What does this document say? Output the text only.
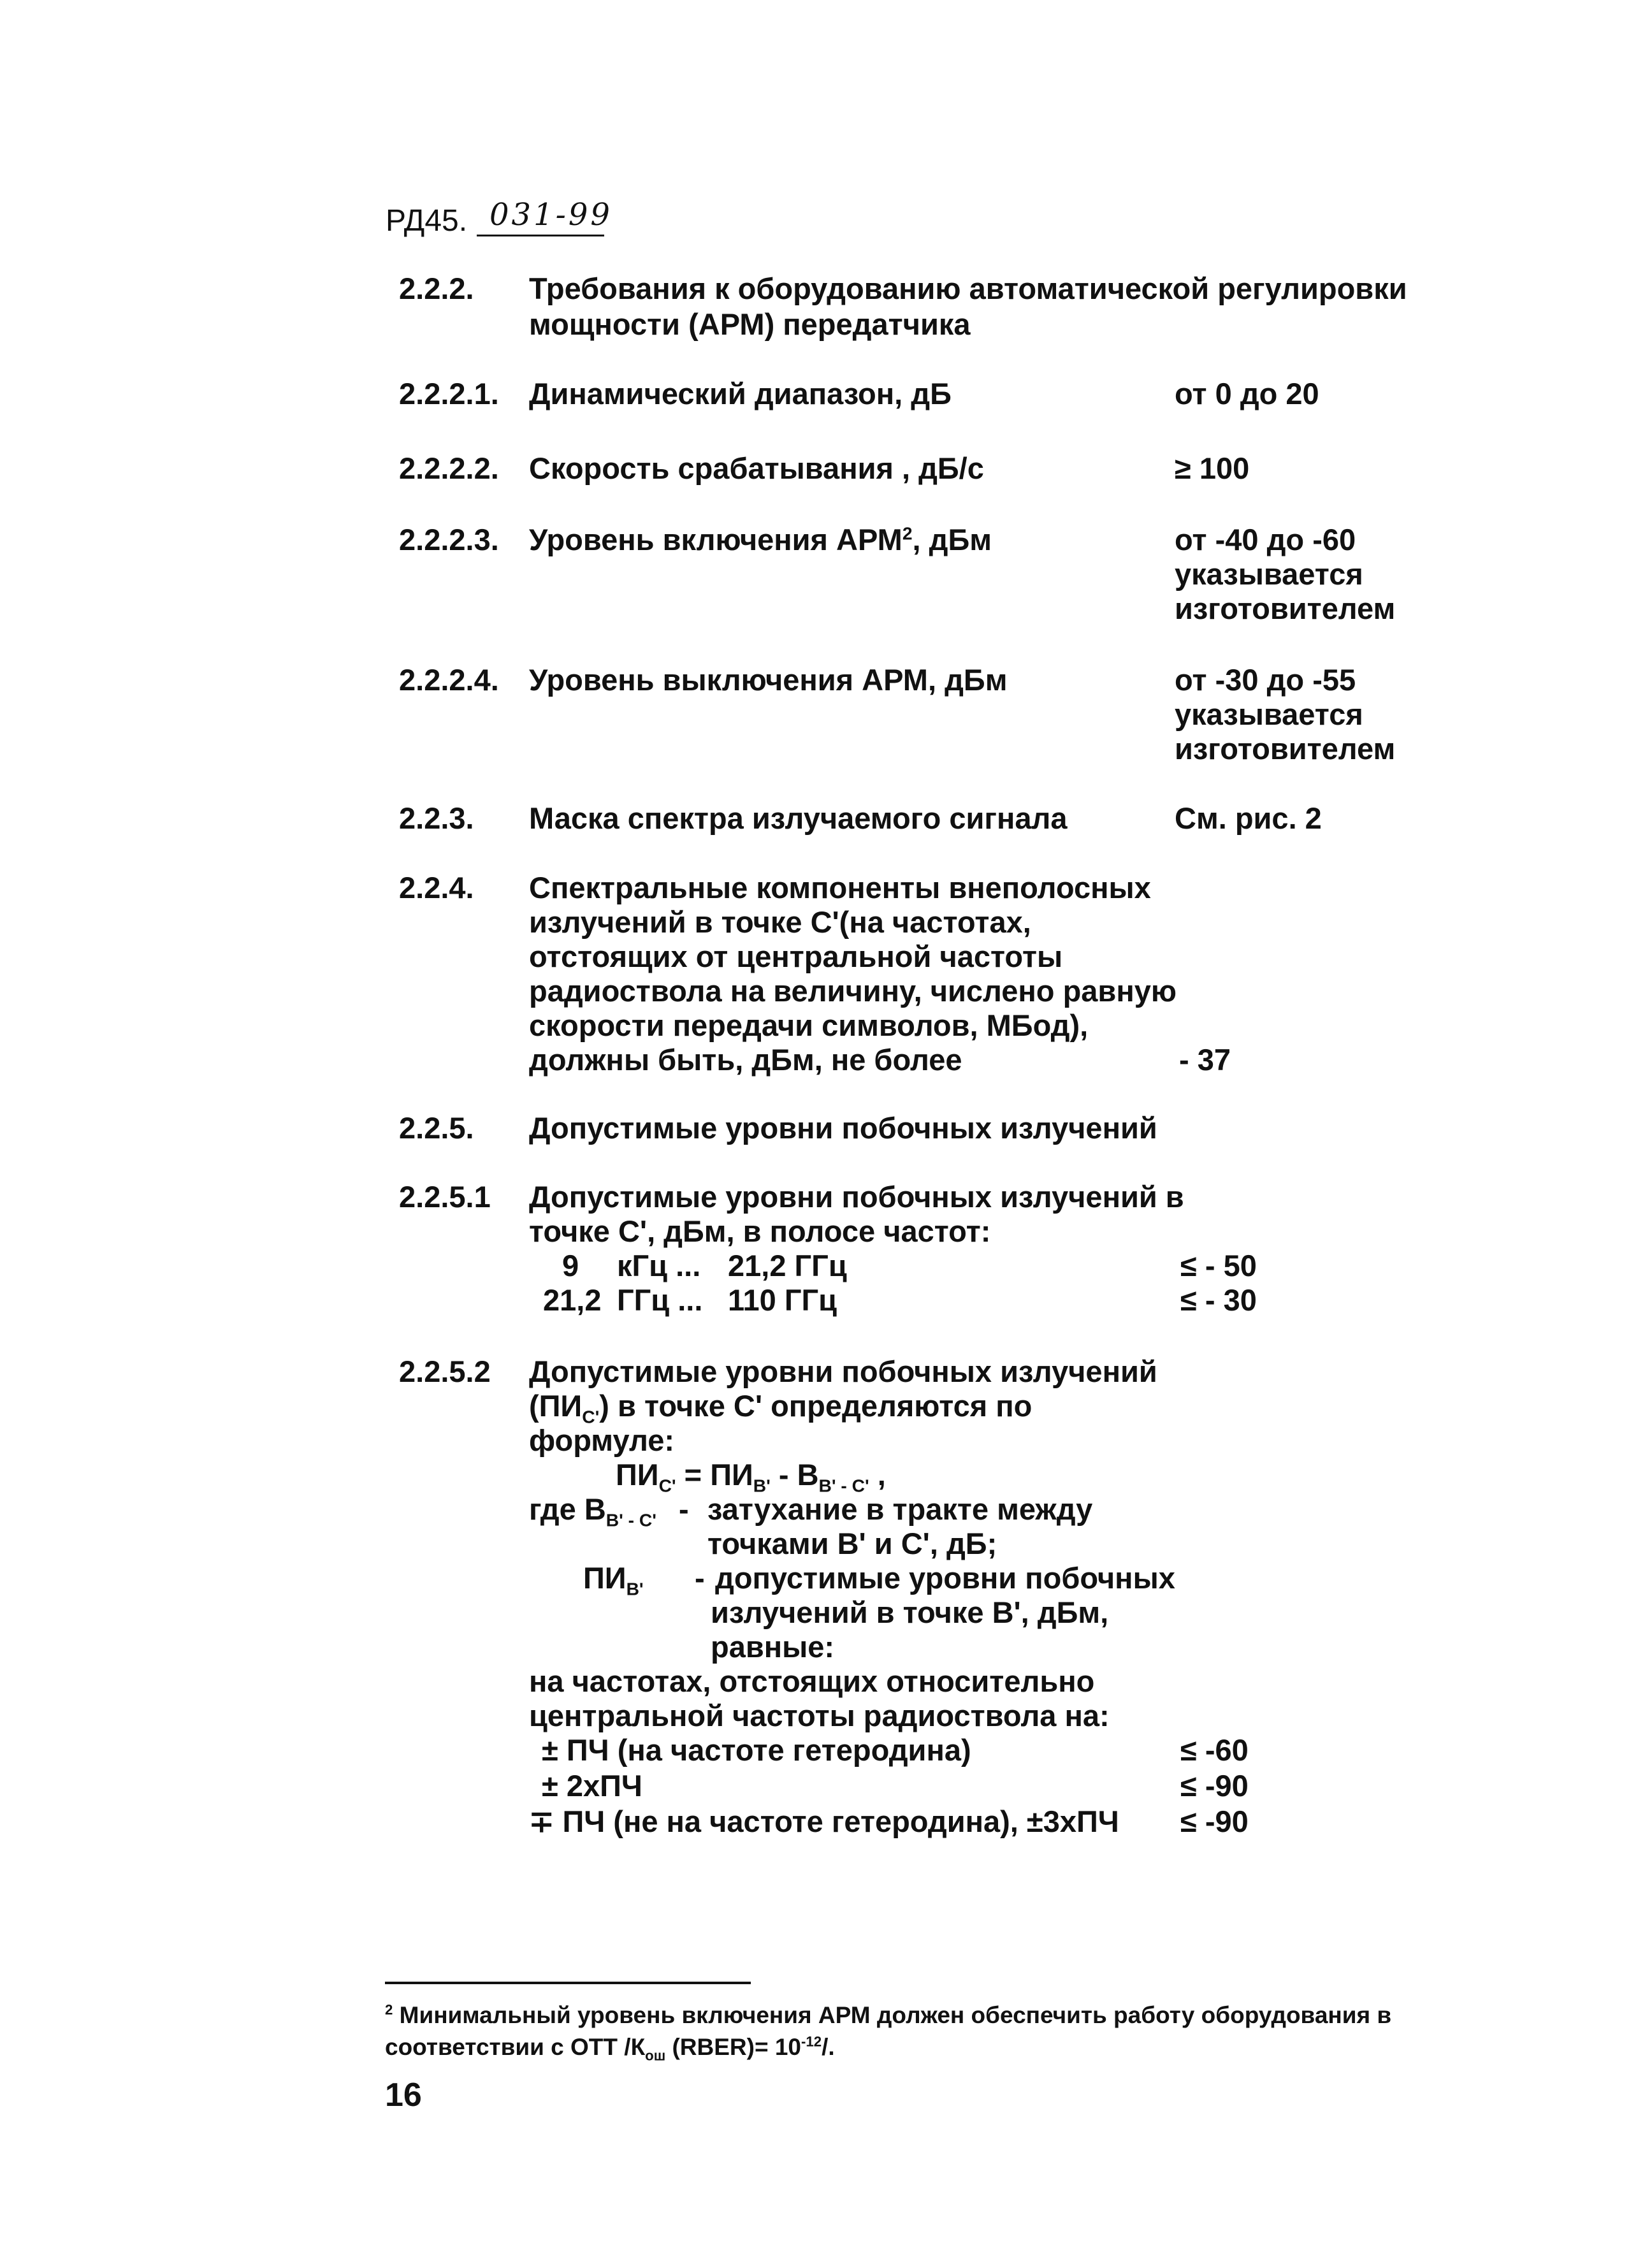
РД45. 031-99
2.2.2. Требования к оборудованию автоматической регулировки
мощности (АРМ) передатчика
2.2.2.1. Динамический диапазон, дБ	от 0 до 20
2.2.2.2. Скорость срабатывания , дБ/с	≥ 100
2.2.2.3. Уровень включения АРМ$^2$, дБм	от -40 до -60
указывается
изготовителем
2.2.2.4. Уровень выключения АРМ, дБм	от -30 до -55
указывается
изготовителем
2.2.3. Маска спектра излучаемого сигнала	См. рис. 2
2.2.4. Спектральные компоненты внеполосных
излучений в точке С'(на частотах,
отстоящих от центральной частоты
радиоствола на величину, числено равную
скорости передачи символов, МБод),
должны быть, дБм, не более	- 37
2.2.5. Допустимые уровни побочных излучений
2.2.5.1 Допустимые уровни побочных излучений в
точке С', дБм, в полосе частот:
9 кГц ... 21,2 ГГц	≤ - 50
21,2 ГГц ... 110 ГГц	≤ - 30
2.2.5.2 Допустимые уровни побочных излучений
$(ПИ_{С'})$ в точке С' определяются по
формуле:
$ПИ_{С'} = ПИ_{В'} - В_{В' - С'}$ ,
где $В_{В' - С'}$ - затухание в тракте между
точками В' и С', дБ;
$ПИ_{В'}$ - допустимые уровни побочных
излучений в точке В', дБм,
равные:
на частотах, отстоящих относительно
центральной частоты радиоствола на:
± ПЧ (на частоте гетеродина)	≤ -60
± 2хПЧ	≤ -90
∓ ПЧ (не на частоте гетеродина), ±3хПЧ ≤ -90
$^2$ Минимальный уровень включения АРМ должен обеспечить работу оборудования в
соответствии с ОТТ $/К_{ош}$ (RBER)= $10^{-12}/$.
16
